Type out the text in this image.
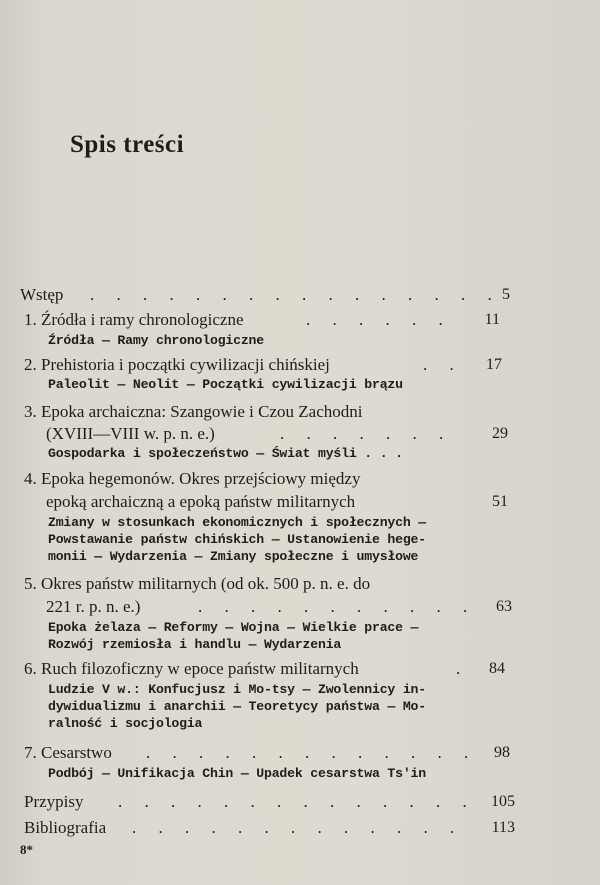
Spis treści
Wstęp . . . . . . . . . . . . . . . . 5
1. Źródła i ramy chronologiczne	. . . . . .	11
Źródła — Ramy chronologiczne
2. Prehistoria i początki cywilizacji chińskiej	. .	17
Paleolit — Neolit — Początki cywilizacji brązu
3. Epoka archaiczna: Szangowie i Czou Zachodni
(XVIII—VIII w. p. n. e.)	. . . . . . .	29
Gospodarka i społeczeństwo — Świat myśli . . .
4. Epoka hegemonów. Okres przejściowy między
epoką archaiczną a epoką państw militarnych	51
Zmiany w stosunkach ekonomicznych i społecznych —
Powstawanie państw chińskich — Ustanowienie hege-
monii — Wydarzenia — Zmiany społeczne i umysłowe
5. Okres państw militarnych (od ok. 500 p. n. e. do
221 r. p. n. e.)	. . . . . . . . . . .	63
Epoka żelaza — Reformy — Wojna — Wielkie prace —
Rozwój rzemiosła i handlu — Wydarzenia
6. Ruch filozoficzny w epoce państw militarnych	.	84
Ludzie V w.: Konfucjusz i Mo-tsy — Zwolennicy in-
dywidualizmu i anarchii — Teoretycy państwa — Mo-
ralność i socjologia
7. Cesarstwo . . . . . . . . . . . . .	98
Podbój — Unifikacja Chin — Upadek cesarstwa Ts'in
Przypisy . . . . . . . . . . . . . . 105
Bibliografia . . . . . . . . . . . . .	113
8*
